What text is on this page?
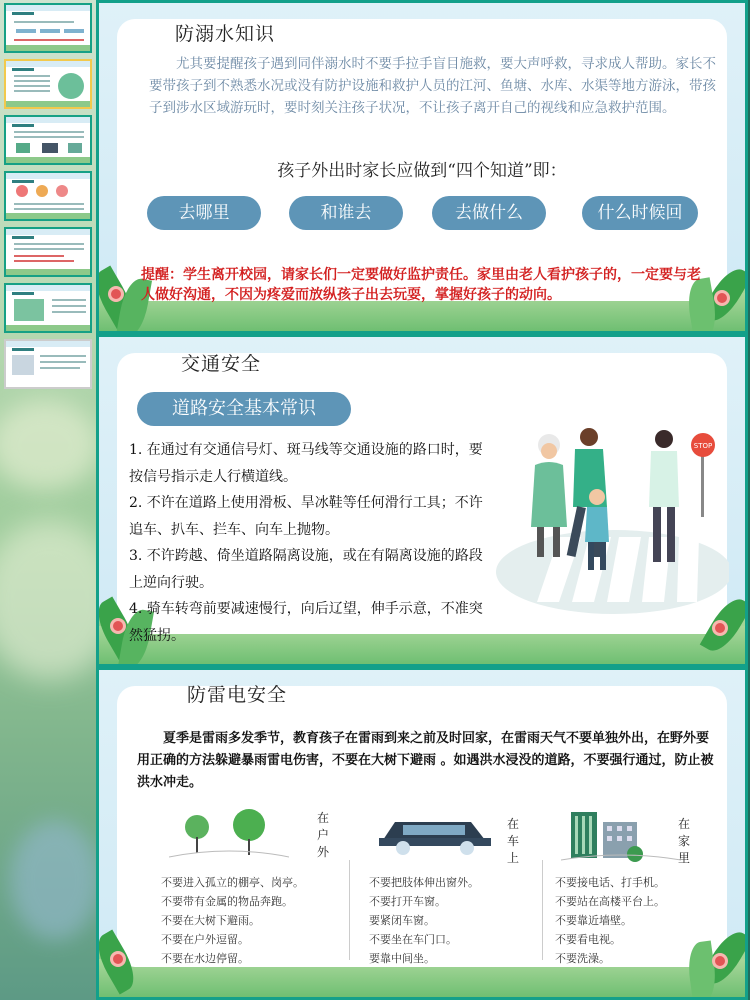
防溺水知识

尤其要提醒孩子遇到同伴溺水时不要手拉手盲目施救，要大声呼救，寻求成人帮助。家长不要带孩子到不熟悉水况或没有防护设施和救护人员的江河、鱼塘、水库、水渠等地方游泳，带孩子到涉水区域游玩时，要时刻关注孩子状况，不让孩子离开自己的视线和应急救护范围。

孩子外出时家长应做到“四个知道”即：
去哪里	和谁去	去做什么	什么时候回
提醒：学生离开校园，请家长们一定要做好监护责任。家里由老人看护孩子的，一定要与老人做好沟通，不因为疼爱而放纵孩子出去玩耍，掌握好孩子的动向。
交通安全
道路安全基本常识
1. 在通过有交通信号灯、斑马线等交通设施的路口时，要按信号指示走人行横道线。
2. 不许在道路上使用滑板、旱冰鞋等任何滑行工具；不许追车、扒车、拦车、向车上抛物。
3. 不许跨越、倚坐道路隔离设施，或在有隔离设施的路段上逆向行驶。
4. 骑车转弯前要减速慢行，向后辽望，伸手示意，不准突然猛拐。
STOP
防雷电安全

夏季是雷雨多发季节，教育孩子在雷雨到来之前及时回家，在雷雨天气不要单独外出，在野外要用正确的方法躲避暴雨雷电伤害，不要在大树下避雨 。如遇洪水浸没的道路，不要强行通过，防止被洪水冲走。

在户外
不要进入孤立的棚亭、岗亭。
不要带有金属的物品奔跑。
不要在大树下避雨。
不要在户外逗留。
不要在水边停留。
在车上
不要把肢体伸出窗外。
不要打开车窗。
要紧闭车窗。
不要坐在车门口。
要靠中间坐。
在家里
不要接电话、打手机。
不要站在高楼平台上。
不要靠近墙壁。
不要看电视。
不要洗澡。
